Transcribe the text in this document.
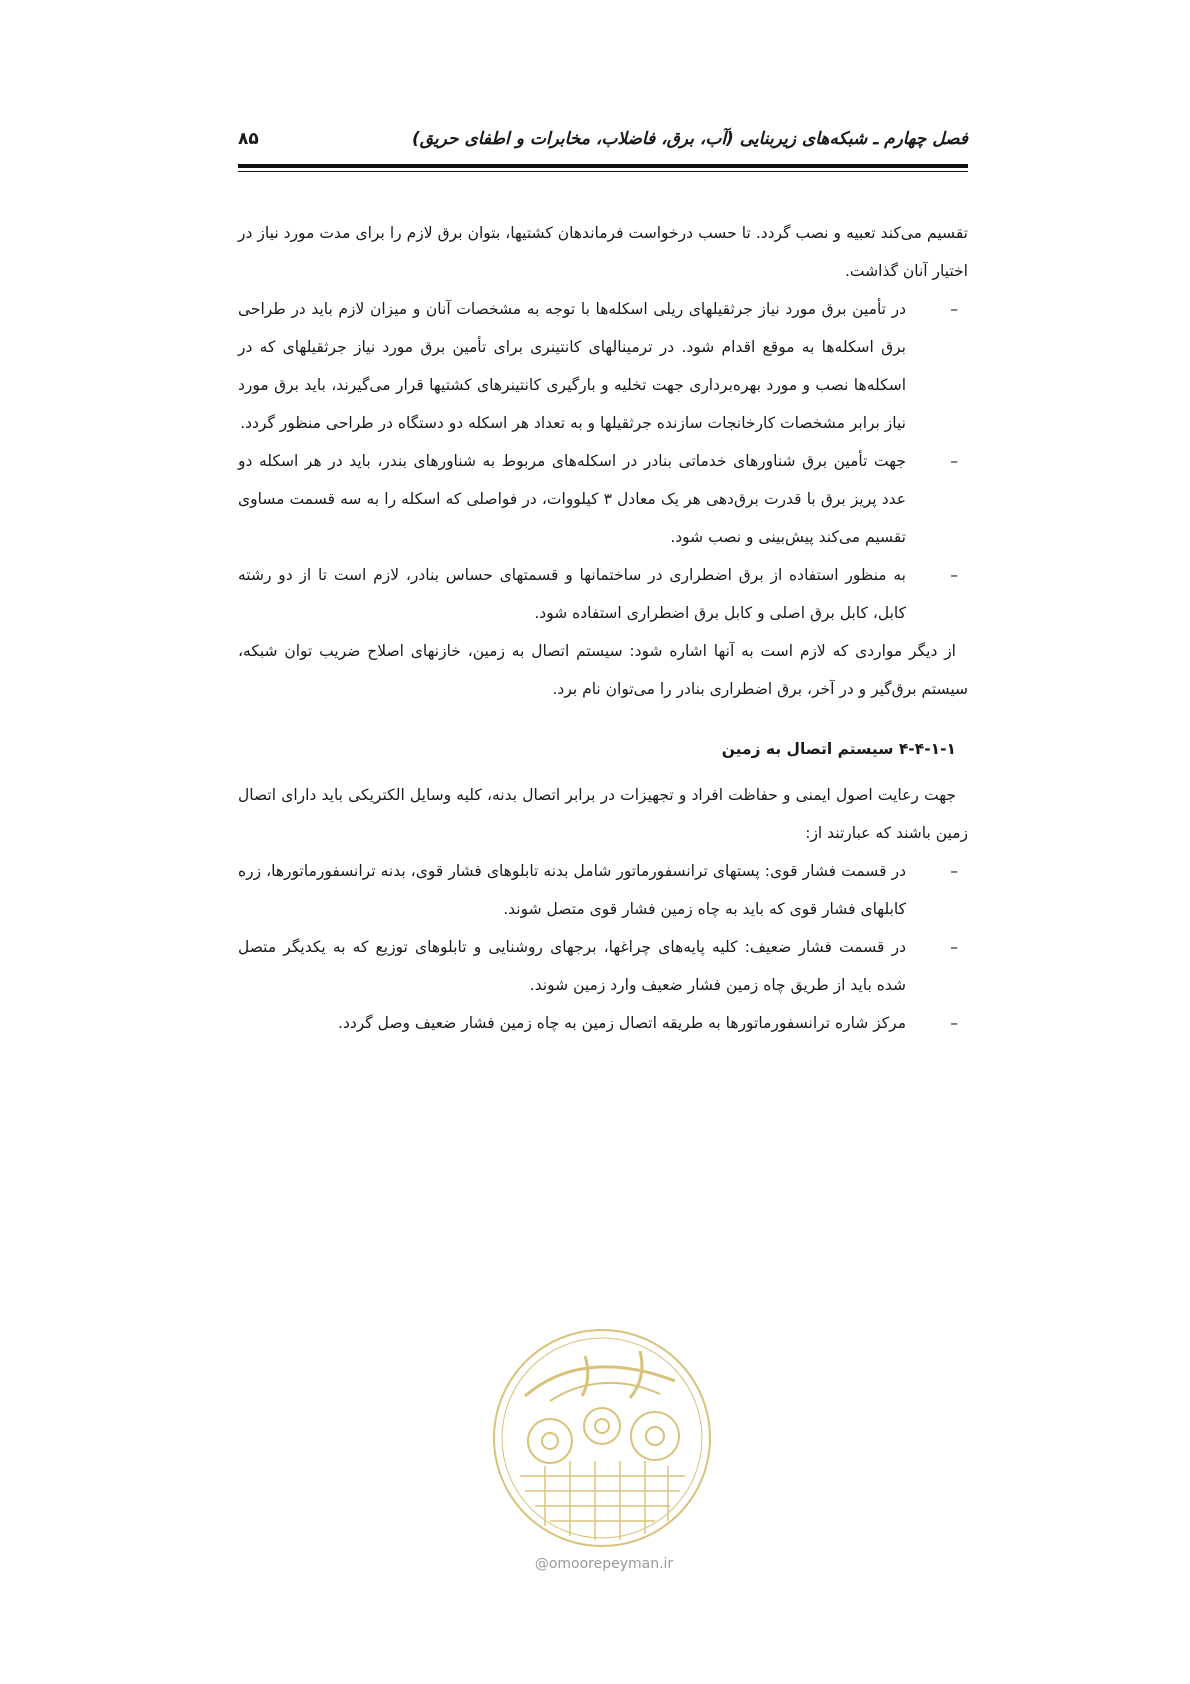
فصل چهارم ـ شبکه‌های زیربنایی (آب، برق، فاضلاب، مخابرات و اطفای حریق)
۸۵

تقسیم می‌کند تعبیه و نصب گردد. تا حسب درخواست فرماندهان کشتیها، بتوان برق لازم را برای مدت مورد نیاز در اختیار آنان گذاشت.

–
در تأمین برق مورد نیاز جرثقیلهای ریلی اسکله‌ها با توجه به مشخصات آنان و میزان لازم باید در طراحی برق اسکله‌ها به موقع اقدام شود. در ترمینالهای کانتینری برای تأمین برق مورد نیاز جرثقیلهای که در اسکله‌ها نصب و مورد بهره‌برداری جهت تخلیه و بارگیری کانتینرهای کشتیها قرار می‌گیرند، باید برق مورد نیاز برابر مشخصات کارخانجات سازنده جرثقیلها و به تعداد هر اسکله دو دستگاه در طراحی منظور گردد.

–
جهت تأمین برق شناورهای خدماتی بنادر در اسکله‌های مربوط به شناورهای بندر، باید در هر اسکله دو عدد پریز برق با قدرت برق‌دهی هر یک معادل ۳ کیلووات، در فواصلی که اسکله را به سه قسمت مساوی تقسیم می‌کند پیش‌بینی و نصب شود.

–
به منظور استفاده از برق اضطراری در ساختمانها و قسمتهای حساس بنادر، لازم است تا از دو رشته کابل، کابل برق اصلی و کابل برق اضطراری استفاده شود.

از دیگر مواردی که لازم است به آنها اشاره شود: سیستم اتصال به زمین، خازنهای اصلاح ضریب توان شبکه، سیستم برق‌گیر و در آخر، برق اضطراری بنادر را می‌توان نام برد.

۴-۴-۱-۱ سیستم اتصال به زمین

جهت رعایت اصول ایمنی و حفاظت افراد و تجهیزات در برابر اتصال بدنه، کلیه وسایل الکتریکی باید دارای اتصال زمین باشند که عبارتند از:

–
در قسمت فشار قوی: پستهای ترانسفورماتور شامل بدنه تابلوهای فشار قوی، بدنه ترانسفورماتورها، زره کابلهای فشار قوی که باید به چاه زمین فشار قوی متصل شوند.

–
در قسمت فشار ضعیف: کلیه پایه‌های چراغها، برجهای روشنایی و تابلوهای توزیع که به یکدیگر متصل شده باید از طریق چاه زمین فشار ضعیف وارد زمین شوند.

–
مرکز شاره ترانسفورماتورها به طریقه اتصال زمین به چاه زمین فشار ضعیف وصل گردد.

@omoorepeyman.ir
